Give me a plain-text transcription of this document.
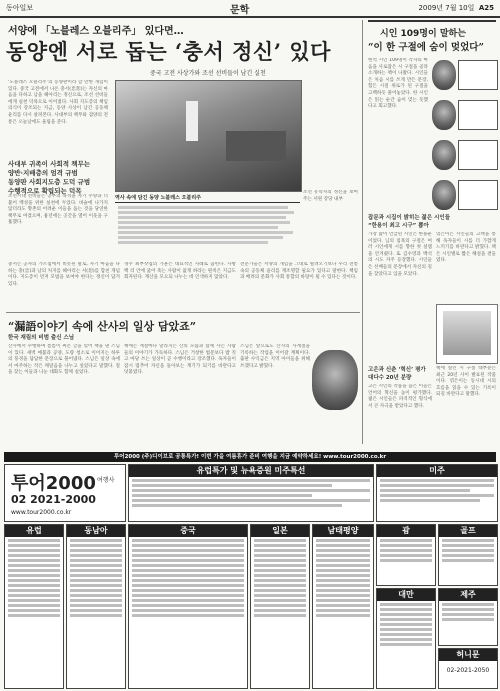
동아일보	문학	2009년 7월 10일 A25
서양에 「노블레스 오블리주」 있다면…
동양엔 서로 돕는 ‘충서 정신’ 있다
중국 고전 사상가와 조선 선비들이 남긴 실천
‘노블레스 오블리주’의 동양판이라 할 만한 개념이 있다. 중국 고전에서 나온 충서(忠恕)는 자신의 마음을 다하고 남을 헤아리는 정신으로, 조선 선비들에게 실천 덕목으로 이어졌다. 사회 지도층의 책임 의식이 강조되는 지금, 동양 사상이 남긴 공동체 윤리를 다시 살펴본다. 사대부의 책무와 겸양의 전통은 오늘날에도 울림을 준다.
사대부 귀족이 사회적 책무는
양반·지배층의 엄격 규범
동양판 사회지도층 도덕 규범
수행적으로 확립되는 덕목
역사 속에 담긴 동양 노블레스 오블리주
조선 유학자의 정신을 보여주는 서원 강당 내부
조선시대 선비들은 공부의 목적을 자기 수양과 더불어 백성을 위한 실천에 두었다. 벼슬에 나가지 않더라도 향촌의 어려운 이들을 돕는 것을 당연한 책무로 여겼으며, 흉년에는 곳간을 열어 이웃을 구휼했다.
충서는 공자의 가르침에서 비롯된 말로, 자기 마음을 다하는 충(忠)과 남의 처지를 헤아리는 서(恕)를 합친 개념이다. 지도층이 먼저 모범을 보여야 한다는 정신이 담겨 있다.
경주 최부잣집의 가훈은 대표적인 사례로 꼽힌다. 사방 백 리 안에 굶어 죽는 사람이 없게 하라는 원칙은 지금도 회자된다. 재산을 모으되 나누는 데 인색하지 않았다.
전문가들은 서양의 개념을 그대로 빌려오기보다 우리 전통 속의 공동체 윤리를 재조명할 필요가 있다고 말한다. 책임과 배려의 문화가 사회 통합의 바탕이 될 수 있다는 것이다.
“漏語이야기 속에 산사의 일상 담았죠”
한국 재림의 비범 출신 스님
산사에서 수행하며 틈틈이 써온 글을 엮어 책을 낸 스님이 있다. 새벽 예불과 공양, 도량 청소로 이어지는 하루의 풍경을 담담한 문장으로 풀어냈다. 스님은 일상 속에서 마주하는 작은 깨달음을 나누고 싶었다고 말했다. 절을 찾는 이들과 나눈 대화도 함께 실었다.
책에는 계절마다 달라지는 산의 모습과 함께 사는 사람들의 이야기가 가득하다. 스님은 거창한 법문보다 밥 짓고 마당 쓰는 일상이 곧 수행이라고 강조했다. 독자들이 잠시 멈추어 자신을 돌아보는 계기가 되기를 바란다고 덧붙였다.
스님은 앞으로도 산사의 사계절을 기록하는 작업을 이어갈 계획이다. 출판 수익금은 지역 아이들을 위해 쓰겠다고 밝혔다.
시인 109명이 말하는
“이 한 구절에 숨이 멎었다”
현역 시인 109명이 각자의 마음을 사로잡은 시 구절을 골라 소개하는 책이 나왔다. 시인들은 처음 시를 쓰게 만든 문장, 힘든 시절 위로가 된 구절을 고백하듯 풀어놓았다. 한 시인은 읽는 순간 숨이 멎는 듯했다고 회고했다.
잡문과 시집이 밝히는 젊은 시인들
“한용이 최고 시구” 뽑아
가장 많이 언급된 시인은 한용운이었다. 님의 침묵의 구절은 여러 시인에게 시를 향한 첫 설렘을 안겨줬다. 또 김수영과 백석의 시도 자주 등장했다. 시인들은 선배들의 문장에서 자신의 길을 찾았다고 입을 모았다.
엮은이는 시인들의 고백을 통해 독자들이 시를 더 가깝게 느끼기를 바란다고 밝혔다. 책은 시인별로 짧은 해설을 곁들였다.
고은과 신춘 ‘혁신’ 평가
대다수 20년 분량
고은 시인의 작품을 꼽은 이들은 언어의 혁신을 높이 평가했다. 젊은 시인들은 파격적인 형식에서 큰 자극을 받았다고 했다.
책에 실린 시 구절 대부분은 최근 20년 사이 발표된 작품이다. 엮은이는 동시대 시의 흐름을 읽을 수 있는 기록이 되길 바란다고 말했다.
투어2000 (주)디이브로 공통특가! 이번 가을 여름휴가 준비 여행을 지금 예약하세요! www.tour2000.co.kr
투어2000 여행사
02 2021-2000
www.tour2000.co.kr
유럽특가 및 뉴욕증원 미주특선	미주
유럽	동남아	중국	일본	남태평양	괌	골프
대만	제주
허니문
02-2021-2050
